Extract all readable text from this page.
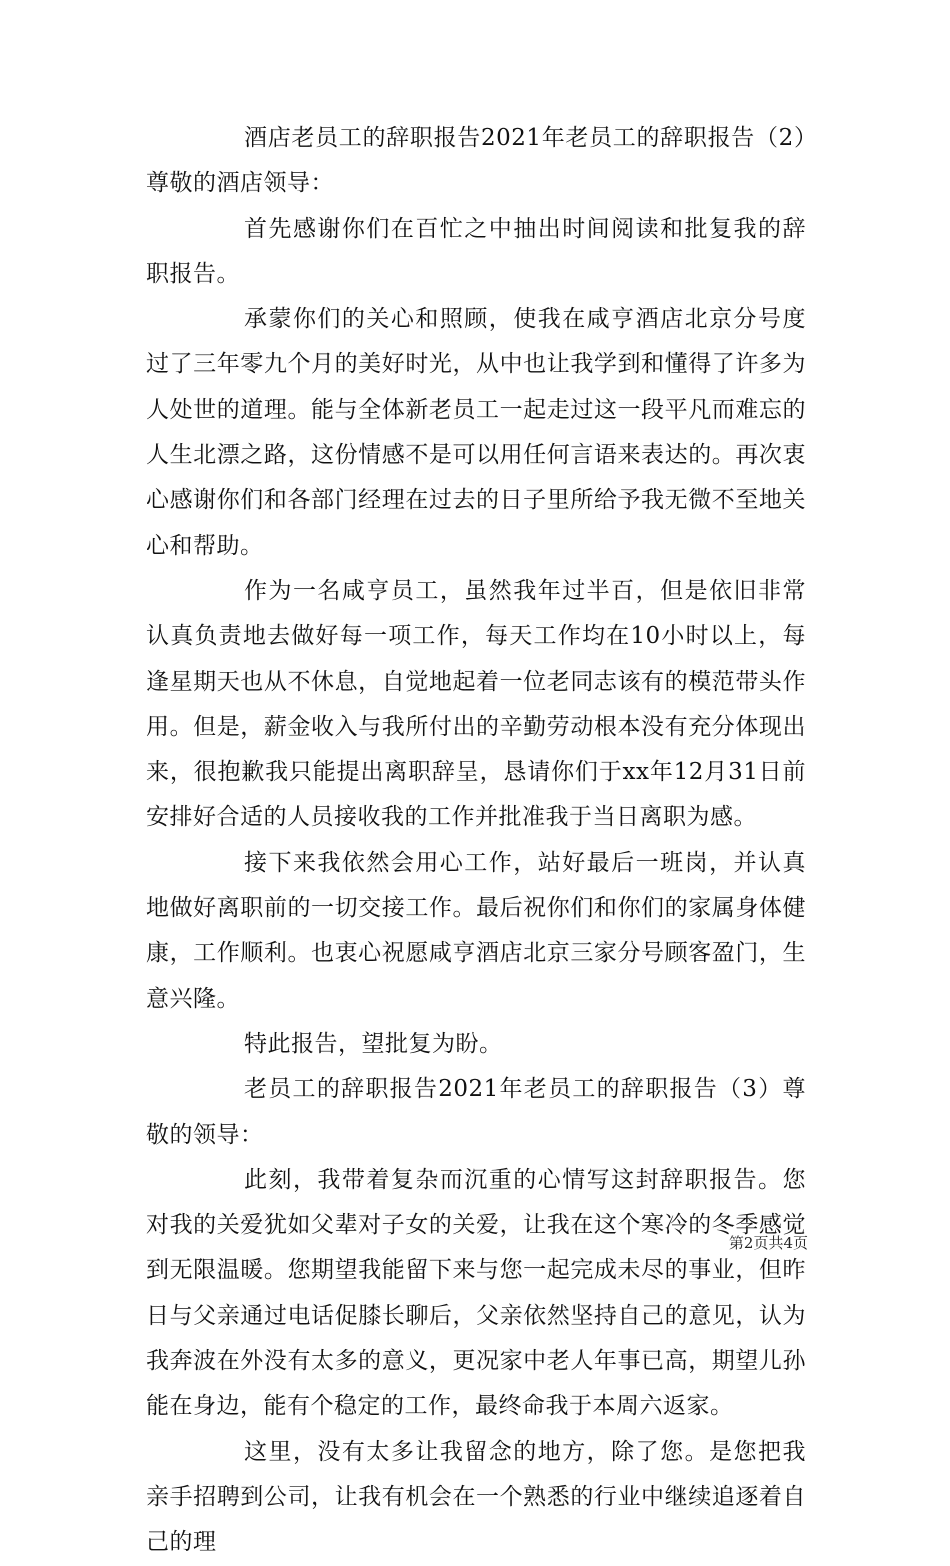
酒店老员工的辞职报告2021年老员工的辞职报告（2）尊敬的酒店领导：

首先感谢你们在百忙之中抽出时间阅读和批复我的辞职报告。

承蒙你们的关心和照顾，使我在咸亨酒店北京分号度过了三年零九个月的美好时光，从中也让我学到和懂得了许多为人处世的道理。能与全体新老员工一起走过这一段平凡而难忘的人生北漂之路，这份情感不是可以用任何言语来表达的。再次衷心感谢你们和各部门经理在过去的日子里所给予我无微不至地关心和帮助。

作为一名咸亨员工，虽然我年过半百，但是依旧非常认真负责地去做好每一项工作，每天工作均在10小时以上，每逢星期天也从不休息，自觉地起着一位老同志该有的模范带头作用。但是，薪金收入与我所付出的辛勤劳动根本没有充分体现出来，很抱歉我只能提出离职辞呈，恳请你们于xx年12月31日前安排好合适的人员接收我的工作并批准我于当日离职为感。

接下来我依然会用心工作，站好最后一班岗，并认真地做好离职前的一切交接工作。最后祝你们和你们的家属身体健康，工作顺利。也衷心祝愿咸亨酒店北京三家分号顾客盈门，生意兴隆。

特此报告，望批复为盼。

老员工的辞职报告2021年老员工的辞职报告（3）尊敬的领导：

此刻，我带着复杂而沉重的心情写这封辞职报告。您对我的关爱犹如父辈对子女的关爱，让我在这个寒冷的冬季感觉到无限温暖。您期望我能留下来与您一起完成未尽的事业，但昨日与父亲通过电话促膝长聊后，父亲依然坚持自己的意见，认为我奔波在外没有太多的意义，更况家中老人年事已高，期望儿孙能在身边，能有个稳定的工作，最终命我于本周六返家。

这里，没有太多让我留念的地方，除了您。是您把我亲手招聘到公司，让我有机会在一个熟悉的行业中继续追逐着自己的理

第2页共4页
